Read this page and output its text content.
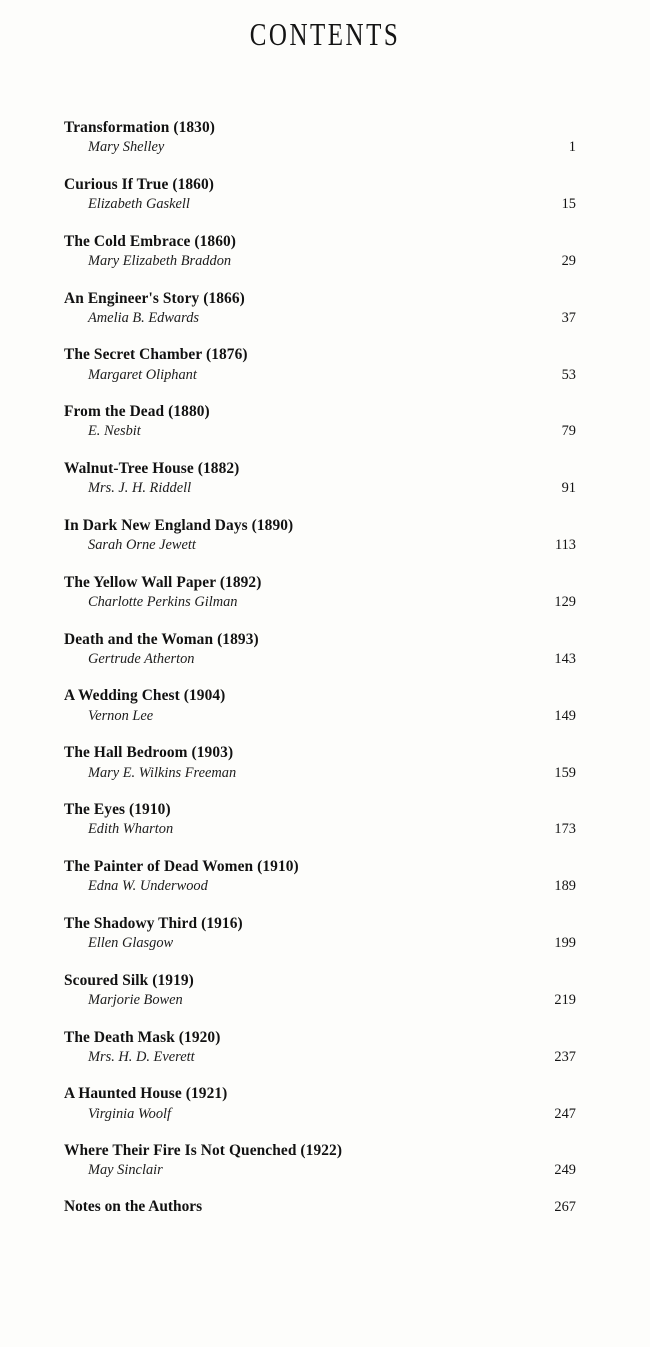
CONTENTS
Transformation (1830)
Mary Shelley	1
Curious If True (1860)
Elizabeth Gaskell	15
The Cold Embrace (1860)
Mary Elizabeth Braddon	29
An Engineer's Story (1866)
Amelia B. Edwards	37
The Secret Chamber (1876)
Margaret Oliphant	53
From the Dead (1880)
E. Nesbit	79
Walnut-Tree House (1882)
Mrs. J. H. Riddell	91
In Dark New England Days (1890)
Sarah Orne Jewett	113
The Yellow Wall Paper (1892)
Charlotte Perkins Gilman	129
Death and the Woman (1893)
Gertrude Atherton	143
A Wedding Chest (1904)
Vernon Lee	149
The Hall Bedroom (1903)
Mary E. Wilkins Freeman	159
The Eyes (1910)
Edith Wharton	173
The Painter of Dead Women (1910)
Edna W. Underwood	189
The Shadowy Third (1916)
Ellen Glasgow	199
Scoured Silk (1919)
Marjorie Bowen	219
The Death Mask (1920)
Mrs. H. D. Everett	237
A Haunted House (1921)
Virginia Woolf	247
Where Their Fire Is Not Quenched (1922)
May Sinclair	249
Notes on the Authors	267
